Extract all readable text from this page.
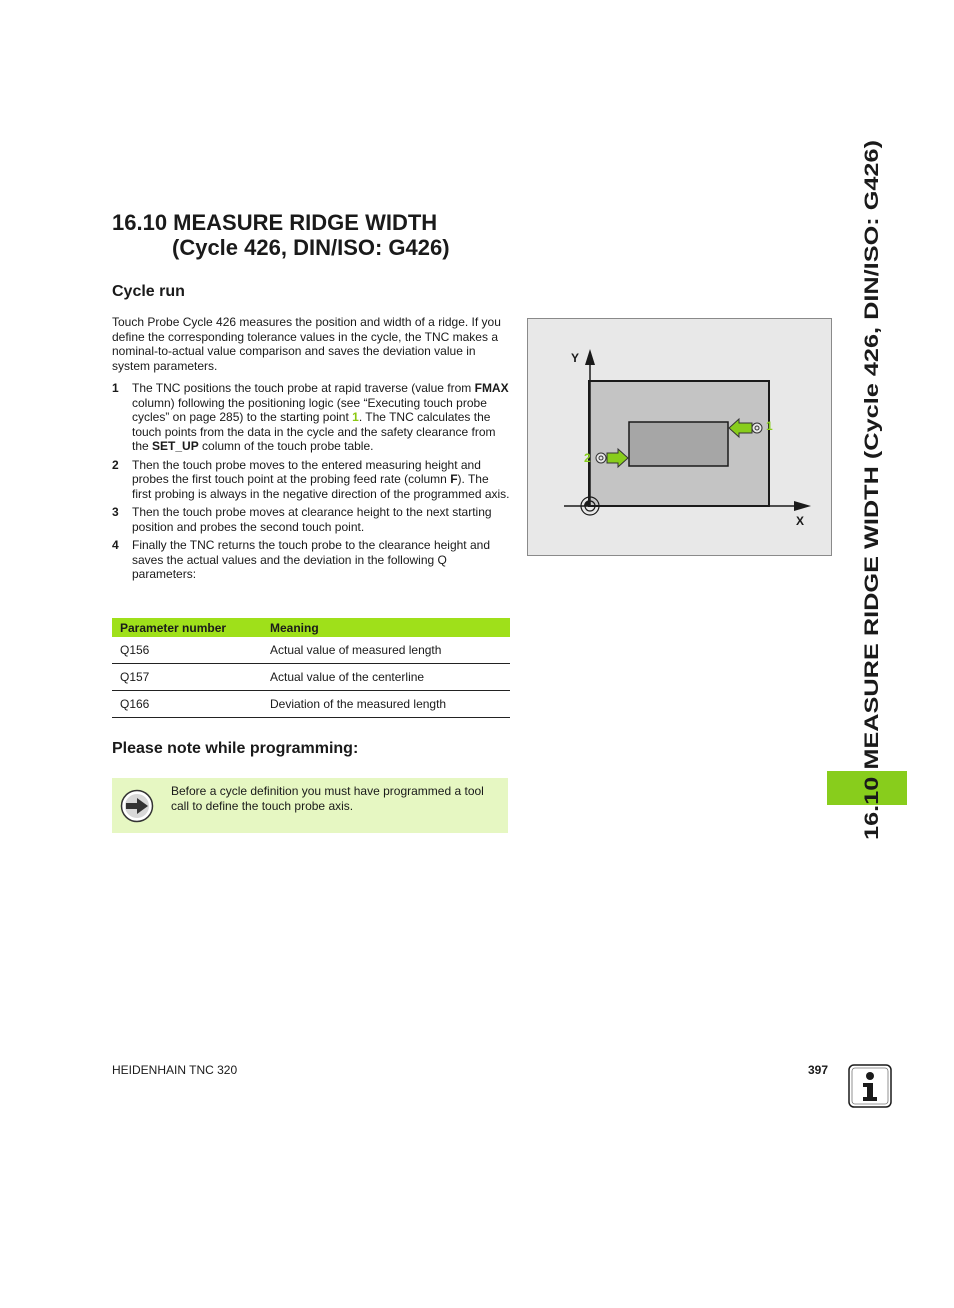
16.10 MEASURE RIDGE WIDTH
(Cycle 426, DIN/ISO: G426)
Cycle run
Touch Probe Cycle 426 measures the position and width of a ridge. If you define the corresponding tolerance values in the cycle, the TNC makes a nominal-to-actual value comparison and saves the deviation value in system parameters.
1	The TNC positions the touch probe at rapid traverse (value from FMAX column) following the positioning logic (see “Executing touch probe cycles” on page 285) to the starting point 1. The TNC calculates the touch points from the data in the cycle and the safety clearance from the SET_UP column of the touch probe table.
2	Then the touch probe moves to the entered measuring height and probes the first touch point at the probing feed rate (column F). The first probing is always in the negative direction of the programmed axis.
3	Then the touch probe moves at clearance height to the next starting position and probes the second touch point.
4	Finally the TNC returns the touch probe to the clearance height and saves the actual values and the deviation in the following Q parameters:
Parameter number	Meaning
Q156	Actual value of measured length
Q157	Actual value of the centerline
Q166	Deviation of the measured length
Please note while programming:
Before a cycle definition you must have programmed a tool call to define the touch probe axis.
Y
X
1
2	16.10 MEASURE RIDGE WIDTH (Cycle 426, DIN/ISO: G426)
HEIDENHAIN TNC 320	397
